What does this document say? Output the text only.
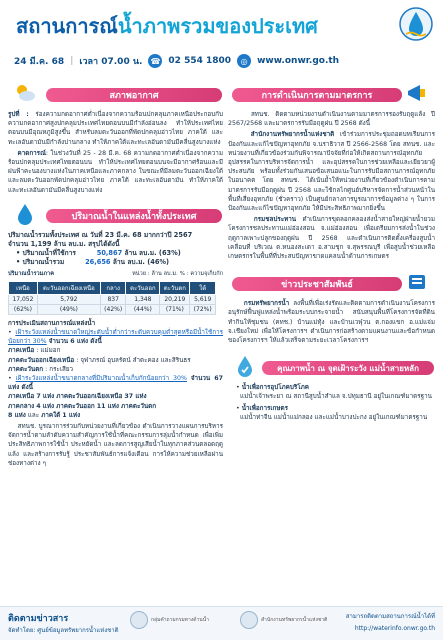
สถานการณ์น้ำภาพรวมของประเทศ
24 มี.ค. 68 | เวลา 07.00 น. ☎ 02 554 1800	◎	www.onwr.go.th
สภาพอากาศ
รูปที่ : ร่องความกดอากาศต่ำเนื่องจากความร้อนปกคลุมภาคเหนือประกอบกับความกดอากาศสูงปกคลุมประเทศไทยตอนบนมีกำลังอ่อนลง ทำให้ประเทศไทยตอนบนมีอุณหภูมิสูงขึ้น สำหรับลมตะวันออกที่พัดปกคลุมอ่าวไทย ภาคใต้ และทะเลอันดามันมีกำลังปานกลาง ทำให้ภาคใต้และทะเลอันดามันมีคลื่นสูงบางแห่ง
คาดการณ์: ในช่วงวันที่ 25 - 28 มี.ค. 68 ความกดอากาศต่ำเนื่องจากความร้อนปกคลุมประเทศไทยตอนบน ทำให้ประเทศไทยตอนบนจะมีอากาศร้อนและมีฝนฟ้าคะนองบางแห่งในภาคเหนือและภาคกลาง ในขณะที่มีลมตะวันออกเฉียงใต้และลมตะวันออกพัดปกคลุมอ่าวไทย ภาคใต้ และทะเลอันดามัน ทำให้ภาคใต้และทะเลอันดามันมีคลื่นสูงบางแห่ง
ปริมาณน้ำในแหล่งน้ำทั้งประเทศ
ปริมาณน้ำรวมทั้งประเทศ ณ วันที่ 23 มี.ค. 68 มากกว่าปี 2567
จำนวน 1,199 ล้าน ลบ.ม. สรุปได้ดังนี้
• ปริมาณน้ำที่ใช้การ	50,867 ล้าน ลบ.ม. (63%)
• ปริมาณน้ำรวม	26,656 ล้าน ลบ.ม. (46%)
ปริมาณน้ำรวมภาค	หน่วย : ล้าน ลบ.ม. % : ความจุเก็บกัก
เหนือ	ตะวันออกเฉียงเหนือ	กลาง	ตะวันออก	ตะวันตก	ใต้
17,052	5,792	837	1,348	20,219	5,619
(62%)	(49%)	(42%)	(44%)	(71%)	(72%)
การประเมินสถานการณ์แหล่งน้ำ
• เฝ้าระวังแหล่งน้ำขนาดใหญ่ระดับน้ำต่ำกว่าระดับควบคุมต่ำสุดหรือมีน้ำใช้การน้อยกว่า 30% จำนวน 6 แห่ง ดังนี้
ภาคเหนือ : แม่มอก
ภาคตะวันออกเฉียงเหนือ : จุฬาภรณ์ อุบลรัตน์ ลำตะคอง และสิรินธร
ภาคตะวันตก : กระเสียว
• เฝ้าระวังแหล่งน้ำขนาดกลางที่มีปริมาณน้ำเก็บกักน้อยกว่า 30% จำนวน 67 แห่ง ดังนี้
ภาคเหนือ 7 แห่ง ภาคตะวันออกเฉียงเหนือ 37 แห่ง
ภาคกลาง 4 แห่ง ภาคตะวันออก 11 แห่ง ภาคตะวันตก
8 แห่ง และ ภาคใต้ 1 แห่ง
สทนช. บูรณาการร่วมกับหน่วยงานที่เกี่ยวข้อง ดำเนินการวางแผนการบริหารจัดการน้ำตามลำดับความสำคัญการใช้น้ำที่คณะกรรมการลุ่มน้ำกำหนด เพื่อเพิ่มประสิทธิภาพการใช้น้ำ ประหยัดน้ำ และลดการสูญเสียน้ำในทุกภาคส่วนตลอดฤดูแล้ง และสร้างการรับรู้ ประชาสัมพันธ์การแจ้งเตือน การให้ความช่วยเหลือผ่านช่องทางต่าง ๆ
การดำเนินการตามมาตรการ
สทนช. ติดตามหน่วยงานดำเนินงานตามมาตรการรองรับฤดูแล้ง ปี 2567/2568 และมาตรการรับมือฤดูฝน ปี 2568 ดังนี้
สำนักงานทรัพยากรน้ำแห่งชาติ เข้าร่วมการประชุมถอดบทเรียนการป้องกันและแก้ไขปัญหาอุทกภัย จ.นราธิวาส ปี 2566-2568 โดย สทนช. และหน่วยงานที่เกี่ยวข้องร่วมกันพิจารณาปัจจัยที่ก่อให้เกิดสถานการณ์อุทกภัย อุปสรรคในการบริหารจัดการน้ำ และอุปสรรคในการช่วยเหลือและเยียวยาผู้ประสบภัย พร้อมทั้งร่วมกันเสนอข้อเสนอแนะในการรับมือสถานการณ์อุทกภัยในอนาคต โดย สทนช. ได้เน้นย้ำให้หน่วยงานที่เกี่ยวข้องดำเนินการตามมาตรการรับมือฤดูฝน ปี 2568 และใช้กลไกศูนย์บริหารจัดการน้ำส่วนหน้าในพื้นที่เสี่ยงอุทกภัย (ชั่วคราว) เป็นศูนย์กลางการบูรณาการข้อมูลต่าง ๆ ในการป้องกันและแก้ไขปัญหาอุทกภัย ให้มีประสิทธิภาพมากยิ่งขึ้น
กรมชลประทาน ดำเนินการขุดลอกคลองส่งน้ำสายใหญ่ฝายน้ำยวม โครงการชลประทานแม่ฮ่องสอน จ.แม่ฮ่องสอน เพื่อเตรียมการส่งน้ำในช่วงฤดูกาลเพาะปลูกของฤดูฝน ปี 2568 และดำเนินการติดตั้งเครื่องสูบน้ำเคลื่อนที่ บริเวณ ต.หนองสะเดา อ.สามชุก จ.สุพรรณบุรี เพื่อสูบน้ำช่วยเหลือเกษตรกรในพื้นที่ที่ประสบปัญหาขาดแคลนน้ำด้านการเกษตร
ข่าวประชาสัมพันธ์
กรมทรัพยากรน้ำ ลงพื้นที่เพื่อเร่งรัดและติดตามการดำเนินงานโครงการอนุรักษ์ฟื้นฟูแหล่งน้ำพร้อมระบบกระจายน้ำ สนับสนุนพื้นที่โครงการจัดที่ดินทำกินให้ชุมชน (คทช.) บ้านแม่ทุ้ง และบ้านเวฬุวน ต.กองแขก อ.แม่แจ่ม จ.เชียงใหม่ เพื่อให้โครงการฯ ดำเนินการก่อสร้างตามแผนงานและข้อกำหนดของโครงการฯ ให้แล้วเสร็จตามระยะเวลาโครงการฯ
คุณภาพน้ำ ณ จุดเฝ้าระวัง แม่น้ำสายหลัก
• น้ำเพื่อการอุปโภคบริโภค
แม่น้ำเจ้าพระยา ณ สถานีสูบน้ำสำแล จ.ปทุมธานี อยู่ในเกณฑ์มาตรฐาน
• น้ำเพื่อการเกษตร
แม่น้ำท่าจีน แม่น้ำแม่กลอง และแม่น้ำบางปะกง อยู่ในเกณฑ์มาตรฐาน
ติดตามข่าวสาร
จัดทำโดย: ศูนย์ข้อมูลทรัพยากรน้ำแห่งชาติ
กลุ่มคำถามกรมทางด้านน้ำ	สำนักงานทรัพยากรน้ำแห่งชาติ	สามารถติดตามสถานการณ์น้ำได้ที่
http://waterinfo.onwr.go.th
